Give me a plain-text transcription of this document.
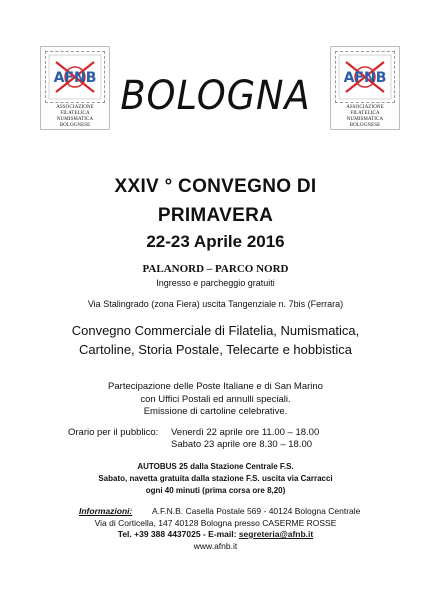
AFNB
ASSOCIAZIONE
FILATELICA
NUMISMATICA
BOLOGNESE
AFNB
ASSOCIAZIONE
FILATELICA
NUMISMATICA
BOLOGNESE
BOLOGNA
XXIV ° CONVEGNO DI
PRIMAVERA
22-23 Aprile 2016
PALANORD – PARCO NORD
Ingresso e parcheggio gratuiti
Via Stalingrado (zona Fiera) uscita Tangenziale n. 7bis (Ferrara)
Convegno Commerciale di Filatelia, Numismatica,
Cartoline, Storia Postale, Telecarte e hobbistica
Partecipazione delle Poste Italiane e di San Marino
con Uffici Postali ed annulli speciali.
Emissione di cartoline celebrative.
Orario per il pubblico: Venerdì 22 aprile ore 11.00 – 18.00
Sabato 23 aprile ore 8.30 – 18.00
AUTOBUS 25 dalla Stazione Centrale F.S.
Sabato, navetta gratuita dalla stazione F.S. uscita via Carracci
ogni 40 minuti (prima corsa ore 8,20)
Informazioni: A.F.N.B. Casella Postale 569 - 40124 Bologna Centrale
Via di Corticella, 147 40128 Bologna presso CASERME ROSSE
Tel. +39 388 4437025 - E-mail: segreteria@afnb.it
www.afnb.it
